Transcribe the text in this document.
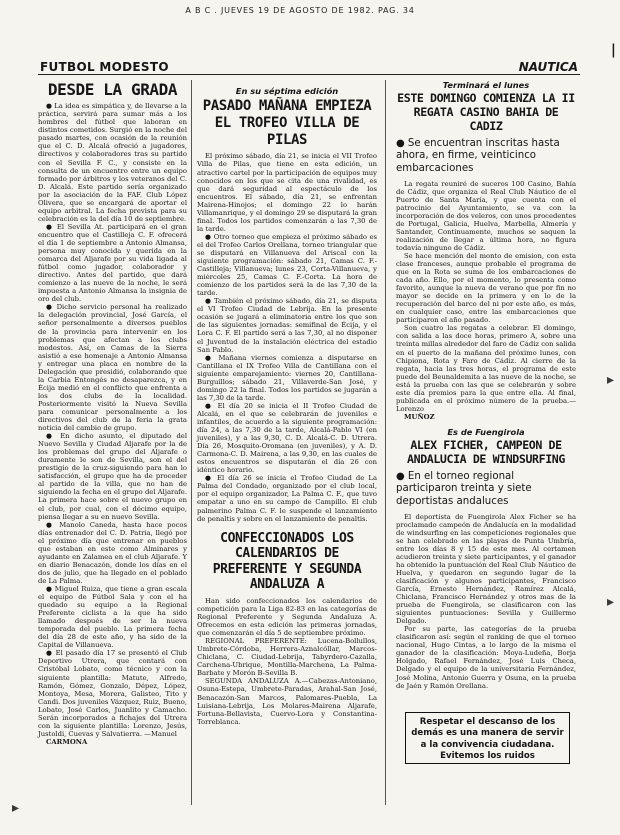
A B C . JUEVES 19 DE AGOSTO DE 1982. PAG. 34
|
FUTBOL MODESTO	NAUTICA
DESDE LA GRADA

● La idea es simpática y, de llevarse a la práctica, servirá para sumar más a los hombres del fútbol que laboran en distintos cometidos. Surgió en la noche del pasado martes, con ocasión de la reunión que el C. D. Alcalá ofreció a jugadores, directivos y colaboradores tras su partido con el Sevilla F. C., y consiste en la consulta de un encuentro entre un equipo formado por árbitros y los veteranos del C. D. Alcalá. Este partido sería organizado por la asociación de la FAF. Club López Olivera, que se encargará de aportar el equipo arbitral. La fecha prevista para su celebración es la del día 10 de septiembre.

● El Sevilla At. participará en el gran encuentro que el Castilleja C. F. ofrecerá el día 1 de septiembre a Antonio Almansa, persona muy conocida y querida en la comarca del Aljarafe por su vida ligada al fútbol como jugador, colaborador y directivo. Antes del partido, que dará comienzo a las nueve de la noche, le será impuesta a Antonio Almansa la insignia de oro del club.

● Dicho servicio personal ha realizado la delegación provincial, José García, el señor personalmente a diversos pueblos de la provincia para intervenir en los problemas que afectan a los clubs modestos. Así, en Camas de la Sierra asistió a ese homenaje a Antonio Almansa y entregar una placa en nombre de la Delegación que presidió, colaborando que la Carbia Entongés no desaparezca, y en Écija medió en el conflicto que enfrenta a los dos clubs de la localidad. Posteriormente visitó la Nueva Sevilla para comunicar personalmente a los directivos del club de la feria la grata noticia del cambio de grupo.

● En dicho asunto, el diputado del Nuevo Sevilla y Ciudad Aljarafe por la de los problemas del grupo del Aljarafe o duramente le son de Sevilla, son el del prestigio de la cruz-siguiendo para han lo satisfacción, el grupo que ha de proceder al partido de la villa, que no han de siguiendo la fecha en el grupo del Aljarafe. La primera hace sobre el nuevo grupo en el club, por cual, con el décimo equipo, piensa llegar a su en nuevo Sevilla.

● Manolo Caneda, hasta hace pocos días entrenador del C. D. Patria, llegó por el próximo día que entrenar en pueblos que estaban en este como Alminares y ayudante en Zalamea en el club Aljarafe. Y en diario Benacazón, donde los días en el dos de julio, que ha llegado en el poblado de La Palma.

● Miguel Ruiza, que tiene a gran escala el equipo de Fútbol Sala y con el ha quedado su equipo a la Regional Preferente ciclista a la que ha sido llamado después de ser la nueva temporada del pueblo. La primera fecha del día 28 de este año, y ha sido de la Capital de Villanueva.

● El pasado día 17 se presentó el Club Deportivo Utrera, que contará con Cristóbal Lobato, como técnico y con la siguiente plantilla: Matute, Alfredo, Ramón, Gómez, Gonzalo, Dépez, López, Montoya, Mesa, Morera, Galisteo, Tito y Candi. Dos juveniles Vázquez, Ruiz, Bueno, Lobato, José Carlos, Juanlito y Camacho. Serán incorporados a fichajes del Utrera con la siguiente plantilla: Lorenzo, Jesús, Justoldi, Cuevas y Salvatierra. —Manuel

CARMONA

En su séptima edición
PASADO MAÑANA EMPIEZA EL TROFEO VILLA DE PILAS

El próximo sábado, día 21, se inicia el VII Trofeo Villa de Pilas, que tiene en esta edición, un atractivo cartel por la participación de equipos muy conocidos en los que se cita de una rivalidad, es que dará seguridad al espectáculo de los encuentros. El sábado, día 21, se enfrentan Mairena-Hinojos; el domingo 22 lo harán Villamanrique, y el domingo 29 se disputará la gran final. Todos los partidos comenzarán a las 7,30 de la tarde.

● Otro torneo que empieza el próximo sábado es el del Trofeo Carlos Orellana, torneo triangular que se disputará en Villanueva del Ariscal con la siguiente programación: sábado 21, Camas C. F.-Castilleja; Villanueva; lunes 23, Corta-Villanueva, y miércoles 25, Camas C. F.-Corta. La hora de comienzo de los partidos será la de las 7,30 de la tarde.

● También el próximo sábado, día 21, se disputa el VI Trofeo Ciudad de Lebrija. En la presente ocasión se jugará a eliminatoria entre los que son de las siguientes jornadas: semifinal de Écija, y el Lora C. F. El partido será a las 7,30, al no disponer el Juventud de la instalación eléctrica del estadio San Pablo.

● Mañana viernes comienza a disputarse en Cantillana el IX Trofeo Villa de Cantillana con el siguiente emparejamiento: viernes 20, Cantillana-Burguillos; sábado 21, Villaverde-San José, y domingo 22 la final. Todos los partidos se jugarán a las 7,30 de la tarde.

● El día 20 se inicia el II Trofeo Ciudad de Alcalá, en el que se celebrarán de juveniles e infantiles, de acuerdo a la siguiente programación: día 24, a las 7,30 de la tarde, Alcalá-Pablo VI (en juveniles), y a las 9,30, C. D. Alcalá-C. D. Utrera. Día 26, Mosquito-Oromana (en juveniles), y A. D. Carmona-C. D. Mairena, a las 9,30, en las cuales de estos encuentros se disputarán el día 26 con idéntico horario.

● El día 26 se inicia el Trofeo Ciudad de La Palma del Condado, organizado por el club local, por el equipo organizador, La Palma C. F., que tuvo empatar a uno en su campo de Campillo. El club palmerino Palma C. F. le suspende el lanzamiento de penaltis y sobre en el lanzamiento de penaltis.

CONFECCIONADOS LOS CALENDARIOS DE PREFERENTE Y SEGUNDA ANDALUZA A

Han sido confeccionados los calendarios de competición para la Liga 82-83 en las categorías de Regional Preferente y Segunda Andaluza A. Ofrecemos en esta edición las primeras jornadas, que comenzarán el día 5 de septiembre próximo.

REGIONAL PREFERENTE: Lucena-Bollullos, Umbrete-Córdoba, Herrera-Aznalcóllar, Marcos-Chiclana, C. Ciudad-Lebrija, Tabyrdero-Cazalla, Carchena-Ubrique, Montilla-Marchena, La Palma-Barbate y Morón B-Sevilla B.

SEGUNDA ANDALUZA A.—Cabezas-Antoniano, Osuna-Estepa, Umbrete-Paradas, Arahal-San José, Benacazón-San Marcos, Palomares-Puebla, La Luisiana-Lebrija, Los Molares-Mairena Aljarafe, Fortuna-Bellavista, Cuervo-Lora y Constantina-Torreblanca.

Terminará el lunes
ESTE DOMINGO COMIENZA LA II REGATA CASINO BAHIA DE CADIZ
● Se encuentran inscritas hasta ahora, en firme, veinticinco embarcaciones

La regata reuniré de suceros 100 Casino, Bahía de Cádiz, que organiza el Real Club Náutico de el Puerto de Santa María, y que cuenta con el patrocinio del Ayuntamiento, se va con la incorporación de dos veleros, con unos procedentes de Portugal, Galicia, Huelva, Marbella, Almería y Santander, Continuamente, muchos se saquen la realización de llegar a última hora, no figura todavía ninguno de Cádiz.

Se hace mención del monto de emision, con esta clase franceses, aunque probable el programa de que en la Rota se suma de los embarcaciones de cada año. Ello, por el momento, lo presenta como favorito, aunque la nueva de verano que por fin no mayor se decide en la primera y en lo de la recuperación del barco del ni por este año, es más, en cualquier caso, entre las embarcaciones que participaron el año pasado.

Son cuatro las regatas a celebrar. El domingo, con salida a las doce horas, primero A, sobre una treinta millas alrededor del faro de Cádiz con salida en el puerto de la mañana del próximo lunes, con Chipiona, Rota y Faro de Cádiz. Al cierre de la regata, hacia las tres horas, el programa de este puede del Beunaldemita a las nueve de la noche, se está la prueba con las que se celebrarán y sobre este día premios para la que entre ella. Al final, publicada en el próximo número de la prueba.—Lorenzo

MUÑOZ

Es de Fuengirola
ALEX FICHER, CAMPEON DE ANDALUCIA DE WINDSURFING
● En el torneo regional participaron treinta y siete deportistas andaluces

El deportista de Fuengirola Alex Ficher se ha proclamado campeón de Andalucía en la modalidad de windsurfing en las competiciones regionales que se han celebrado en las playas de Punta Umbría, entre los días 8 y 15 de este mes. Al certamen acudieron treinta y siete participantes, y el ganador ha obtenido la puntuación del Real Club Náutico de Huelva, y quedaron en segundo lugar de la clasificación y algunos participantes, Francisco García, Ernesto Hernández, Ramírez Alcalá, Chiclana, Francisco Hernández y otros mas de la prueba de Fuengirola, se clasificaron con las siguientes puntuaciones: Sevilla y Guillermo Delgado.

Por su parte, las categorías de la prueba clasificaron así: según el ranking de que el torneo nacional, Hugo Cintas, a lo largo de la misma el ganador de la clasificación: Moya-Ludeña, Borja Holgado, Rafael Fernández, José Luis Checa, Delgado y el equipo de la universitaria Fernández, José Molina, Antonio Guerra y Osuna, en la prueba de Jaén y Ramón Orellana.

Respetar el descanso de los demás es una manera de servir a la convivencia ciudadana. Evitemos los ruidos
▸
▸
▸
